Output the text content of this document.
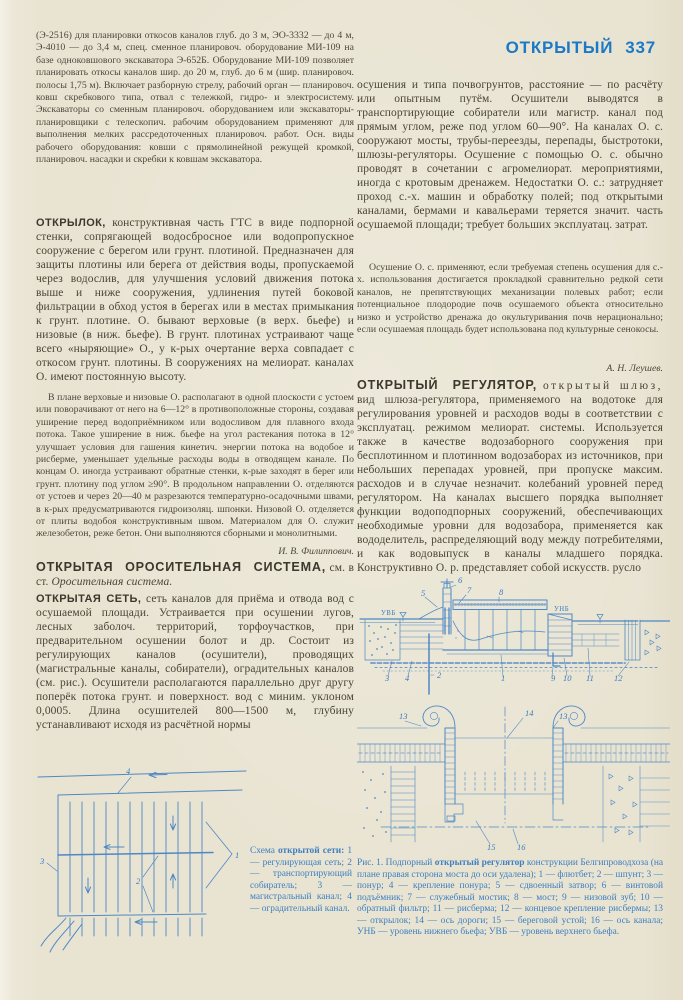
ОТКРЫТЫЙ 337

(Э-2516) для планировки откосов каналов глуб. до 3 м, ЭО-3332 — до 4 м, Э-4010 — до 3,4 м, спец. сменное планировоч. оборудование МИ-109 на базе одноковшового экскаватора Э-652Б. Оборудование МИ-109 позволяет планировать откосы каналов шир. до 20 м, глуб. до 6 м (шир. планировоч. полосы 1,75 м). Включает разборную стрелу, рабочий орган — планировоч. ковш скребкового типа, отвал с тележкой, гидро- и электросистему. Экскаваторы со сменным планировоч. оборудованием или экскаваторы-планировщики с телескопич. рабочим оборудованием применяют для выполнения мелких рассредоточенных планировоч. работ. Осн. виды рабочего оборудования: ковши с прямолинейной режущей кромкой, планировоч. насадки и скребки к ковшам экскаватора.

ОТКРЫЛОК, конструктивная часть ГТС в виде подпорной стенки, сопрягающей водосбросное или водопропускное сооружение с берегом или грунт. плотиной. Предназначен для защиты плотины или берега от действия воды, пропускаемой через водослив, для улучшения условий движения потока выше и ниже сооружения, удлинения путей боковой фильтрации в обход устоя в берегах или в местах примыкания к грунт. плотине. О. бывают верховые (в верх. бьефе) и низовые (в ниж. бьефе). В грунт. плотинах устраивают чаще всего «ныряющие» О., у к-рых очертание верха совпадает с откосом грунт. плотины. В сооружениях на мелиорат. каналах О. имеют постоянную высоту.

В плане верховые и низовые О. располагают в одной плоскости с устоем или поворачивают от него на 6—12° в противоположные стороны, создавая уширение перед водоприёмником или водосливом для плавного входа потока. Такое уширение в ниж. бьефе на угол растекания потока в 12° улучшает условия для гашения кинетич. энергии потока на водобое и рисберме, уменьшает удельные расходы воды в отводящем канале. По концам О. иногда устраивают обратные стенки, к-рые заходят в берег или грунт. плотину под углом ≥90°. В продольном направлении О. отделяются от устоев и через 20—40 м разрезаются температурно-осадочными швами, в к-рых предусматриваются гидроизоляц. шпонки. Низовой О. отделяется от плиты водобоя конструктивным швом. Материалом для О. служит железобетон, реже бетон. Они выполняются сборными и монолитными.

И. В. Филиппович.

ОТКРЫТАЯ ОРОСИТЕЛЬНАЯ СИСТЕМА, см. в ст. Оросительная система.

ОТКРЫТАЯ СЕТЬ, сеть каналов для приёма и отвода вод с осушаемой площади. Устраивается при осушении лугов, лесных заболоч. территорий, торфоучастков, при предварительном осушении болот и др. Состоит из регулирующих каналов (осушители), проводящих (магистральные каналы, собиратели), оградительных каналов (см. рис.). Осушители располагаются параллельно друг другу поперёк потока грунт. и поверхност. вод с миним. уклоном 0,0005. Длина осушителей 800—1500 м, глубину устанавливают исходя из расчётной нормы

4
3
2
1 Схема открытой сети: 1 — регулирующая сеть; 2 — транспортирующий собиратель; 3 — магистральный канал; 4 — оградительный канал.

осушения и типа почвогрунтов, расстояние — по расчёту или опытным путём. Осушители выводятся в транспортирующие собиратели или магистр. канал под прямым углом, реже под углом 60—90°. На каналах О. с. сооружают мосты, трубы-переезды, перепады, быстротоки, шлюзы-регуляторы. Осушение с помощью О. с. обычно проводят в сочетании с агромелиорат. мероприятиями, иногда с кротовым дренажем. Недостатки О. с.: затрудняет проход с.-х. машин и обработку полей; под открытыми каналами, бермами и кавальерами теряется значит. часть осушаемой площади; требует больших эксплуатац. затрат.

Осушение О. с. применяют, если требуемая степень осушения для с.-х. использования достигается прокладкой сравнительно редкой сети каналов, не препятствующих механизации полевых работ; если потенциальное плодородие почв осушаемого объекта относительно низко и устройство дренажа до окультуривания почв нерационально; если осушаемая площадь будет использована под культурные сенокосы.

А. Н. Леушев.

ОТКРЫТЫЙ РЕГУЛЯТОР, открытый шлюз, вид шлюза-регулятора, применяемого на водотоке для регулирования уровней и расходов воды в соответствии с эксплуатац. режимом мелиорат. системы. Используется также в качестве водозаборного сооружения при бесплотинном и плотинном водозаборах из источников, при небольших перепадах уровней, при пропуске максим. расходов и в случае незначит. колебаний уровней перед регулятором. На каналах высшего порядка выполняет функции водоподпорных сооружений, обеспечивающих необходимые уровни для водозабора, применяется как вододелитель, распределяющий воду между потребителями, и как водовыпуск в каналы младшего порядка. Конструктивно О. р. представляет собой искусств. русло

5
6
7	8
УВБ
УНБ
3 4	2	1	9 10 11 12
13	13
14
15	16
Рис. 1. Подпорный открытый регулятор конструкции Белгипроводхоза (на плане правая сторона моста до оси удалена); 1 — флютбет; 2 — шпунт; 3 — понур; 4 — крепление понура; 5 — сдвоенный затвор; 6 — винтовой подъёмник; 7 — служебный мостик; 8 — мост; 9 — низовой зуб; 10 — обратный фильтр; 11 — рисберма; 12 — концевое крепление рисбермы; 13 — открылок; 14 — ось дороги; 15 — береговой устой; 16 — ось канала; УНБ — уровень нижнего бьефа; УВБ — уровень верхнего бьефа.
